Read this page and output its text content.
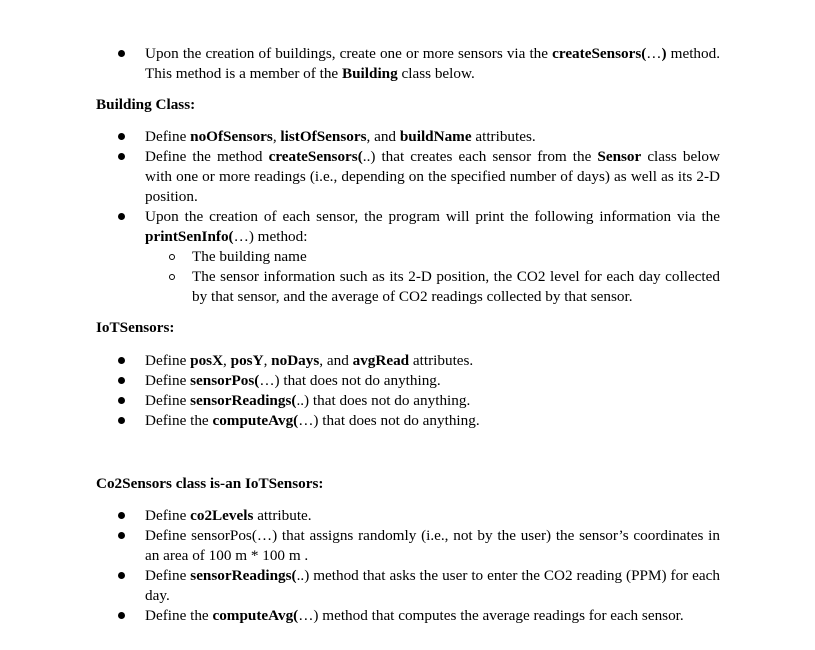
Upon the creation of buildings, create one or more sensors via the createSensors(…) method. This method is a member of the Building class below.
Building Class:
Define noOfSensors, listOfSensors, and buildName attributes.
Define the method createSensors(..) that creates each sensor from the Sensor class below with one or more readings (i.e., depending on the specified number of days) as well as its 2-D position.
Upon the creation of each sensor, the program will print the following information via the printSenInfo(…) method:
The building name
The sensor information such as its 2-D position, the CO2 level for each day collected by that sensor, and the average of CO2 readings collected by that sensor.
IoTSensors:
Define posX, posY, noDays, and avgRead attributes.
Define sensorPos(…) that does not do anything.
Define sensorReadings(..) that does not do anything.
Define the computeAvg(…) that does not do anything.
Co2Sensors class is-an IoTSensors:
Define co2Levels attribute.
Define sensorPos(…) that assigns randomly (i.e., not by the user) the sensor’s coordinates in an area of 100 m * 100 m .
Define sensorReadings(..) method that asks the user to enter the CO2 reading (PPM) for each day.
Define the computeAvg(…) method that computes the average readings for each sensor.
